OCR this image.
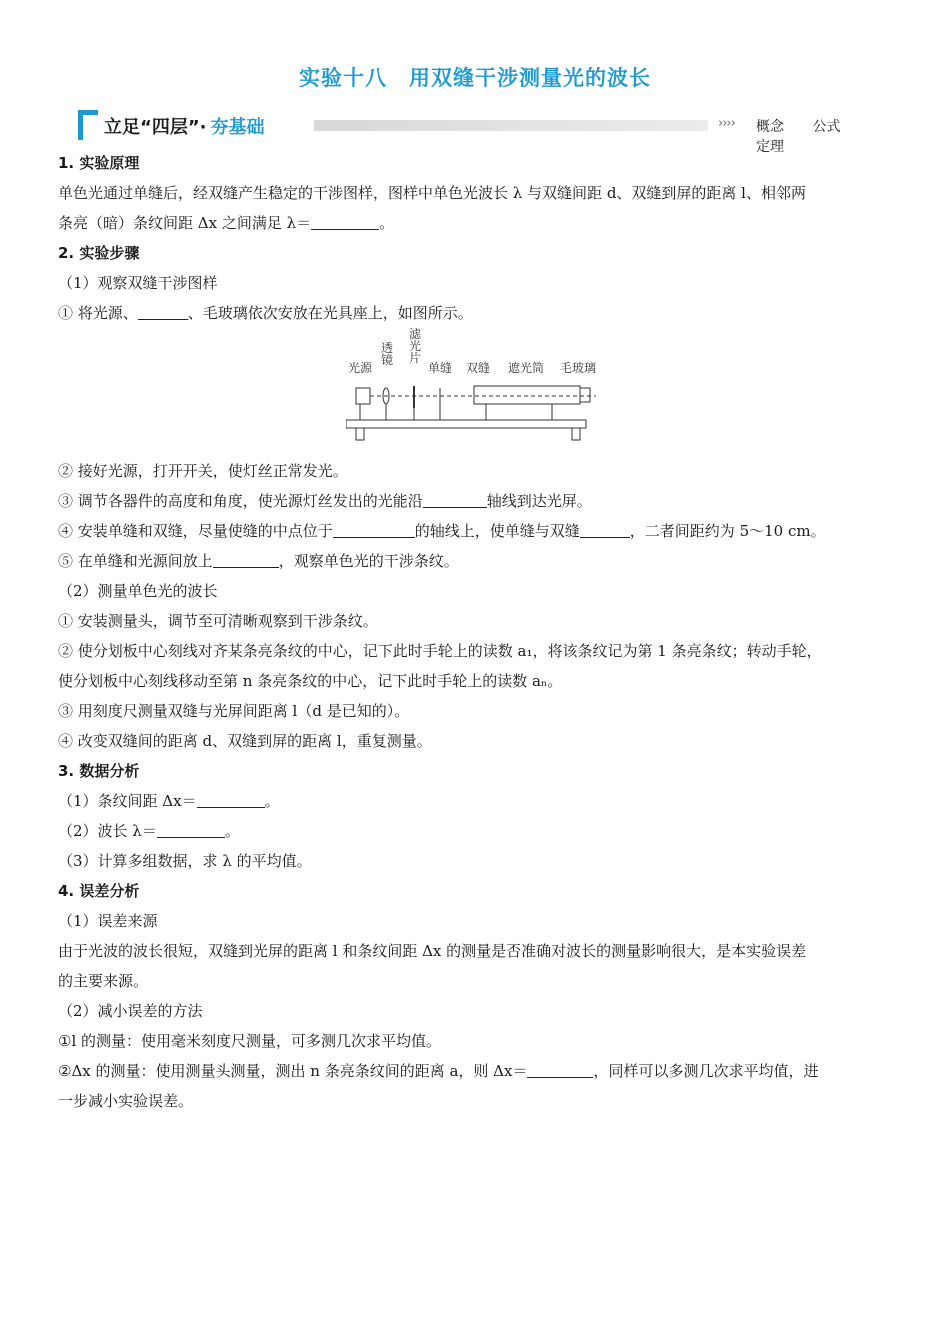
实验十八　用双缝干涉测量光的波长
立足“四层”· 夯基础	›››› 概念 公式 定理
1. 实验原理
单色光通过单缝后，经双缝产生稳定的干涉图样，图样中单色光波长 λ 与双缝间距 d、双缝到屏的距离 l、相邻两
条亮（暗）条纹间距 Δx 之间满足 λ＝	。
2. 实验步骤
（1）观察双缝干涉图样
① 将光源、	、毛玻璃依次安放在光具座上，如图所示。
光源
透
镜
滤
光
片
单缝 双缝 遮光筒 毛玻璃
② 接好光源，打开开关，使灯丝正常发光。
③ 调节各器件的高度和角度，使光源灯丝发出的光能沿	轴线到达光屏。
④ 安装单缝和双缝，尽量使缝的中点位于	的轴线上，使单缝与双缝	，二者间距约为 5～10 cm。
⑤ 在单缝和光源间放上	，观察单色光的干涉条纹。
（2）测量单色光的波长
① 安装测量头，调节至可清晰观察到干涉条纹。
② 使分划板中心刻线对齐某条亮条纹的中心，记下此时手轮上的读数 a₁，将该条纹记为第 1 条亮条纹；转动手轮，
使分划板中心刻线移动至第 n 条亮条纹的中心，记下此时手轮上的读数 aₙ。
③ 用刻度尺测量双缝与光屏间距离 l（d 是已知的）。
④ 改变双缝间的距离 d、双缝到屏的距离 l，重复测量。
3. 数据分析
（1）条纹间距 Δx＝	。
（2）波长 λ＝	。
（3）计算多组数据，求 λ 的平均值。
4. 误差分析
（1）误差来源
由于光波的波长很短，双缝到光屏的距离 l 和条纹间距 Δx 的测量是否准确对波长的测量影响很大，是本实验误差
的主要来源。
（2）减小误差的方法
①l 的测量：使用毫米刻度尺测量，可多测几次求平均值。
②Δx 的测量：使用测量头测量，测出 n 条亮条纹间的距离 a，则 Δx＝	，同样可以多测几次求平均值，进
一步减小实验误差。
